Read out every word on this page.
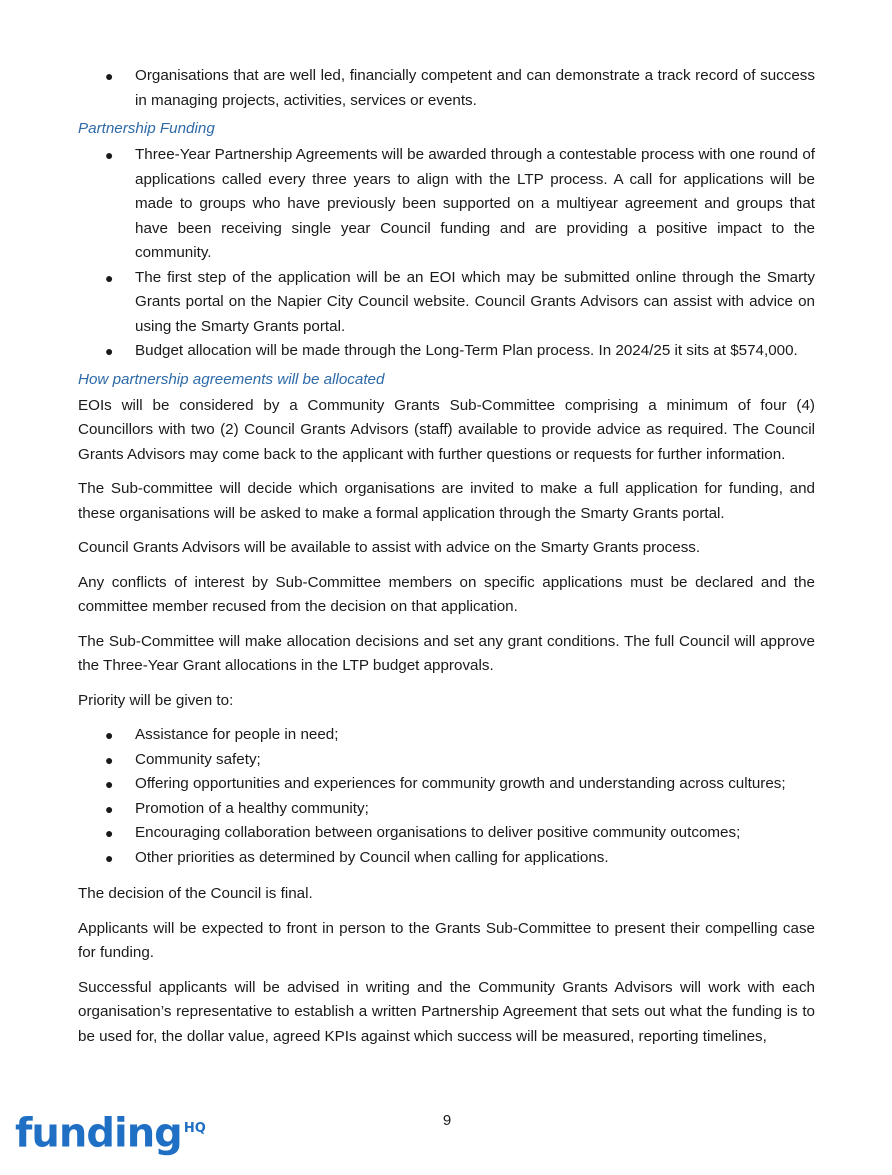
● Organisations that are well led, financially competent and can demonstrate a track record of success in managing projects, activities, services or events.
Partnership Funding
● Three-Year Partnership Agreements will be awarded through a contestable process with one round of applications called every three years to align with the LTP process. A call for applications will be made to groups who have previously been supported on a multiyear agreement and groups that have been receiving single year Council funding and are providing a positive impact to the community.
● The first step of the application will be an EOI which may be submitted online through the Smarty Grants portal on the Napier City Council website. Council Grants Advisors can assist with advice on using the Smarty Grants portal.
● Budget allocation will be made through the Long-Term Plan process. In 2024/25 it sits at $574,000.
How partnership agreements will be allocated

EOIs will be considered by a Community Grants Sub-Committee comprising a minimum of four (4) Councillors with two (2) Council Grants Advisors (staff) available to provide advice as required. The Council Grants Advisors may come back to the applicant with further questions or requests for further information.

The Sub-committee will decide which organisations are invited to make a full application for funding, and these organisations will be asked to make a formal application through the Smarty Grants portal.

Council Grants Advisors will be available to assist with advice on the Smarty Grants process.

Any conflicts of interest by Sub-Committee members on specific applications must be declared and the committee member recused from the decision on that application.

The Sub-Committee will make allocation decisions and set any grant conditions. The full Council will approve the Three-Year Grant allocations in the LTP budget approvals.

Priority will be given to:

● Assistance for people in need;
● Community safety;
● Offering opportunities and experiences for community growth and understanding across cultures;
● Promotion of a healthy community;
● Encouraging collaboration between organisations to deliver positive community outcomes;
● Other priorities as determined by Council when calling for applications.

The decision of the Council is final.

Applicants will be expected to front in person to the Grants Sub-Committee to present their compelling case for funding.

Successful applicants will be advised in writing and the Community Grants Advisors will work with each organisation’s representative to establish a written Partnership Agreement that sets out what the funding is to be used for, the dollar value, agreed KPIs against which success will be measured, reporting timelines,

funding $^{HQ}$	9
